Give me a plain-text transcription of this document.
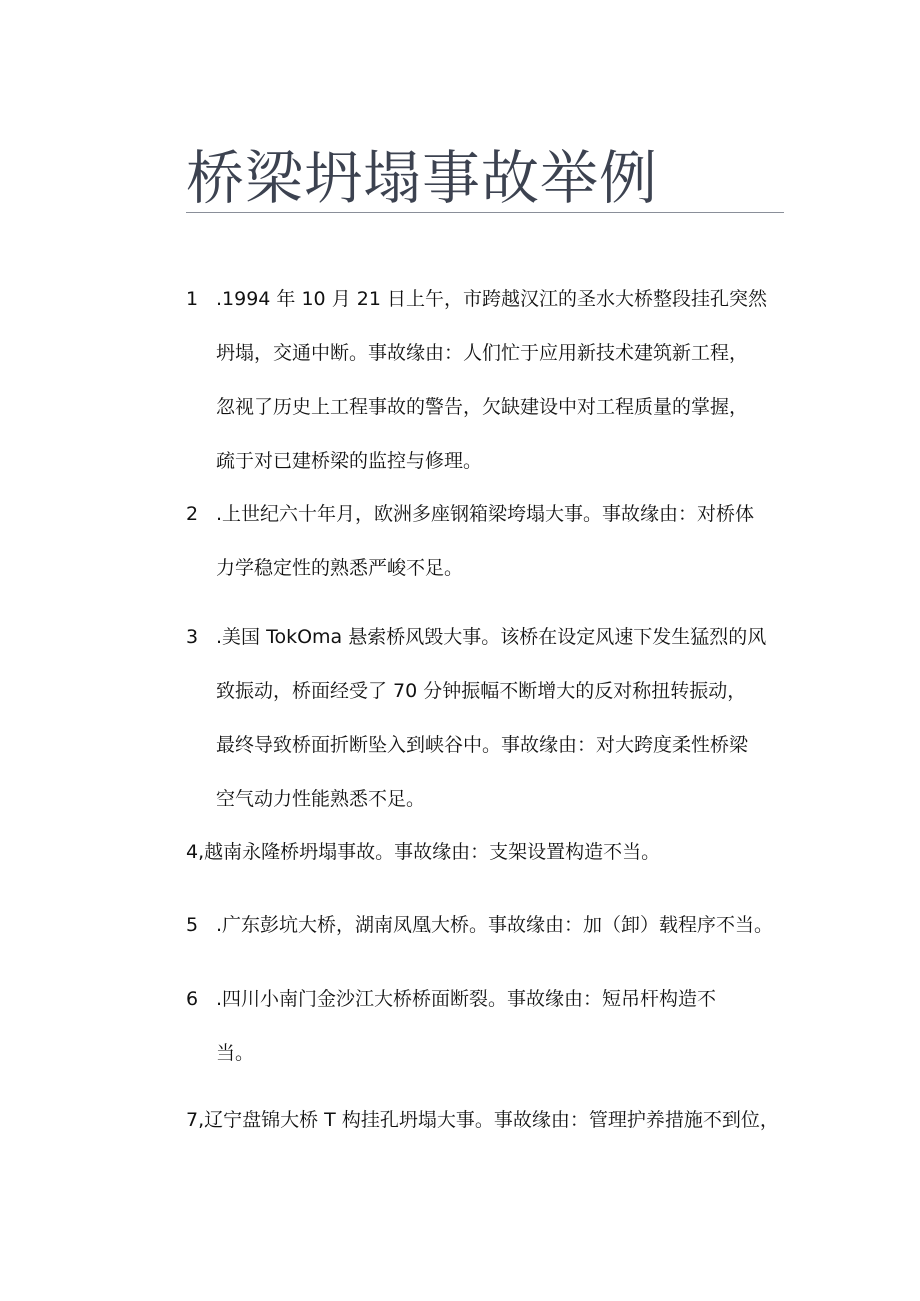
桥梁坍塌事故举例
1 .1994 年 10 月 21 日上午，市跨越汉江的圣水大桥整段挂孔突然
坍塌，交通中断。事故缘由：人们忙于应用新技术建筑新工程，
忽视了历史上工程事故的警告，欠缺建设中对工程质量的掌握，
疏于对已建桥梁的监控与修理。
2 .上世纪六十年月，欧洲多座钢箱梁垮塌大事。事故缘由：对桥体
力学稳定性的熟悉严峻不足。
3 .美国 TokOma 悬索桥风毁大事。该桥在设定风速下发生猛烈的风
致振动，桥面经受了 70 分钟振幅不断增大的反对称扭转振动，
最终导致桥面折断坠入到峡谷中。事故缘由：对大跨度柔性桥梁
空气动力性能熟悉不足。
4,越南永隆桥坍塌事故。事故缘由：支架设置构造不当。
5 .广东彭坑大桥，湖南凤凰大桥。事故缘由：加（卸）载程序不当。
6 .四川小南门金沙江大桥桥面断裂。事故缘由：短吊杆构造不
当。
7,辽宁盘锦大桥 T 构挂孔坍塌大事。事故缘由：管理护养措施不到位，
